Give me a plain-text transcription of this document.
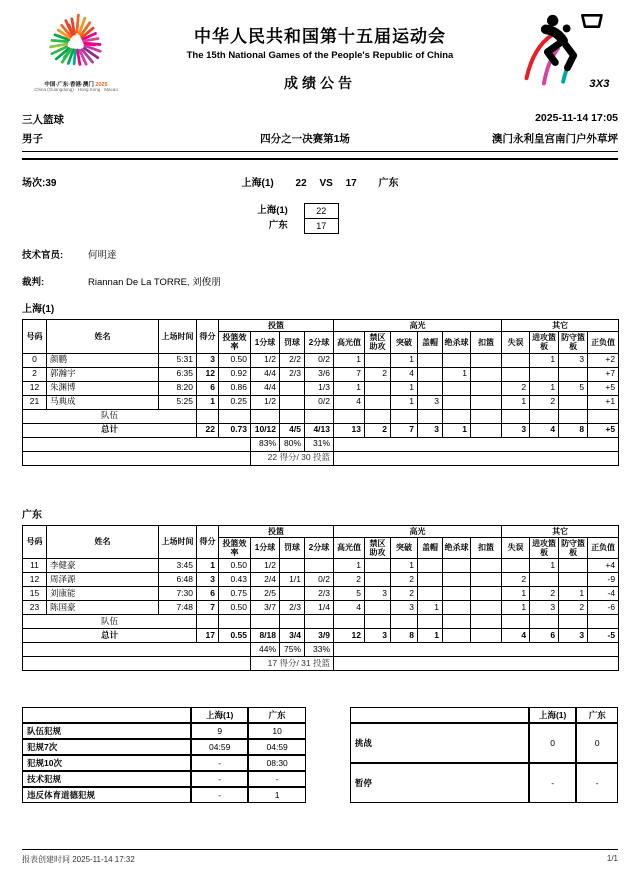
中国·广东·香港·澳门 2025
China (Guangdong) · Hong Kong · Macao
中华人民共和国第十五届运动会
The 15th National Games of the People's Republic of China
成绩公告	3X3
三人篮球	2025-11-14 17:05
男子	四分之一决赛第1场	澳门永利皇宫南门户外草坪
场次:39	上海(1) 22 VS 17 广东
上海(1)
广东
22
17
技术官员:	何明達
裁判:	Riannan De La TORRE, 刘俊朋
上海(1)
号码	姓名	上场时间	得分	投篮				高光						其它			
				投篮效率	1分球	罚球	2分球	高光值	禁区助攻	突破	盖帽	绝杀球	扣篮	失误	进攻篮板	防守篮板	正负值
0	颜鹏	5:31	3	0.50	1/2	2/2	0/2	1		1					1	3	+2
2	郭瀚宇	6:35	12	0.92	4/4	2/3	3/6	7	2	4		1					+7
12	朱渊博	8:20	6	0.86	4/4		1/3	1		1				2	1	5	+5
21	马典成	5:25	1	0.25	1/2		0/2	4		1	3			1	2		+1
队伍																	
总计			22	0.73	10/12	4/5	4/13	13	2	7	3	1		3	4	8	+5
					83%	80%	31%										
					22 得分/ 30 投篮												
广东
号码	姓名	上场时间	得分	投篮				高光						其它			
				投篮效率	1分球	罚球	2分球	高光值	禁区助攻	突破	盖帽	绝杀球	扣篮	失误	进攻篮板	防守篮板	正负值
11	李健豪	3:45	1	0.50	1/2			1		1					1		+4
12	周泽源	6:48	3	0.43	2/4	1/1	0/2	2		2				2			-9
15	刘康能	7:30	6	0.75	2/5		2/3	5	3	2				1	2	1	-4
23	陈国豪	7:48	7	0.50	3/7	2/3	1/4	4		3	1			1	3	2	-6
队伍																	
总计			17	0.55	8/18	3/4	3/9	12	3	8	1			4	6	3	-5
					44%	75%	33%										
					17 得分/ 31 投篮												
	上海(1)	广东
队伍犯规	9	10
犯规7次	04:59	04:59
犯规10次	-	08:30
技术犯规	-	-
违反体育道德犯规	-	1
	上海(1)	广东
挑战	0	0
暂停	-	-
报表创建时间 2025-11-14 17:32	1/1
